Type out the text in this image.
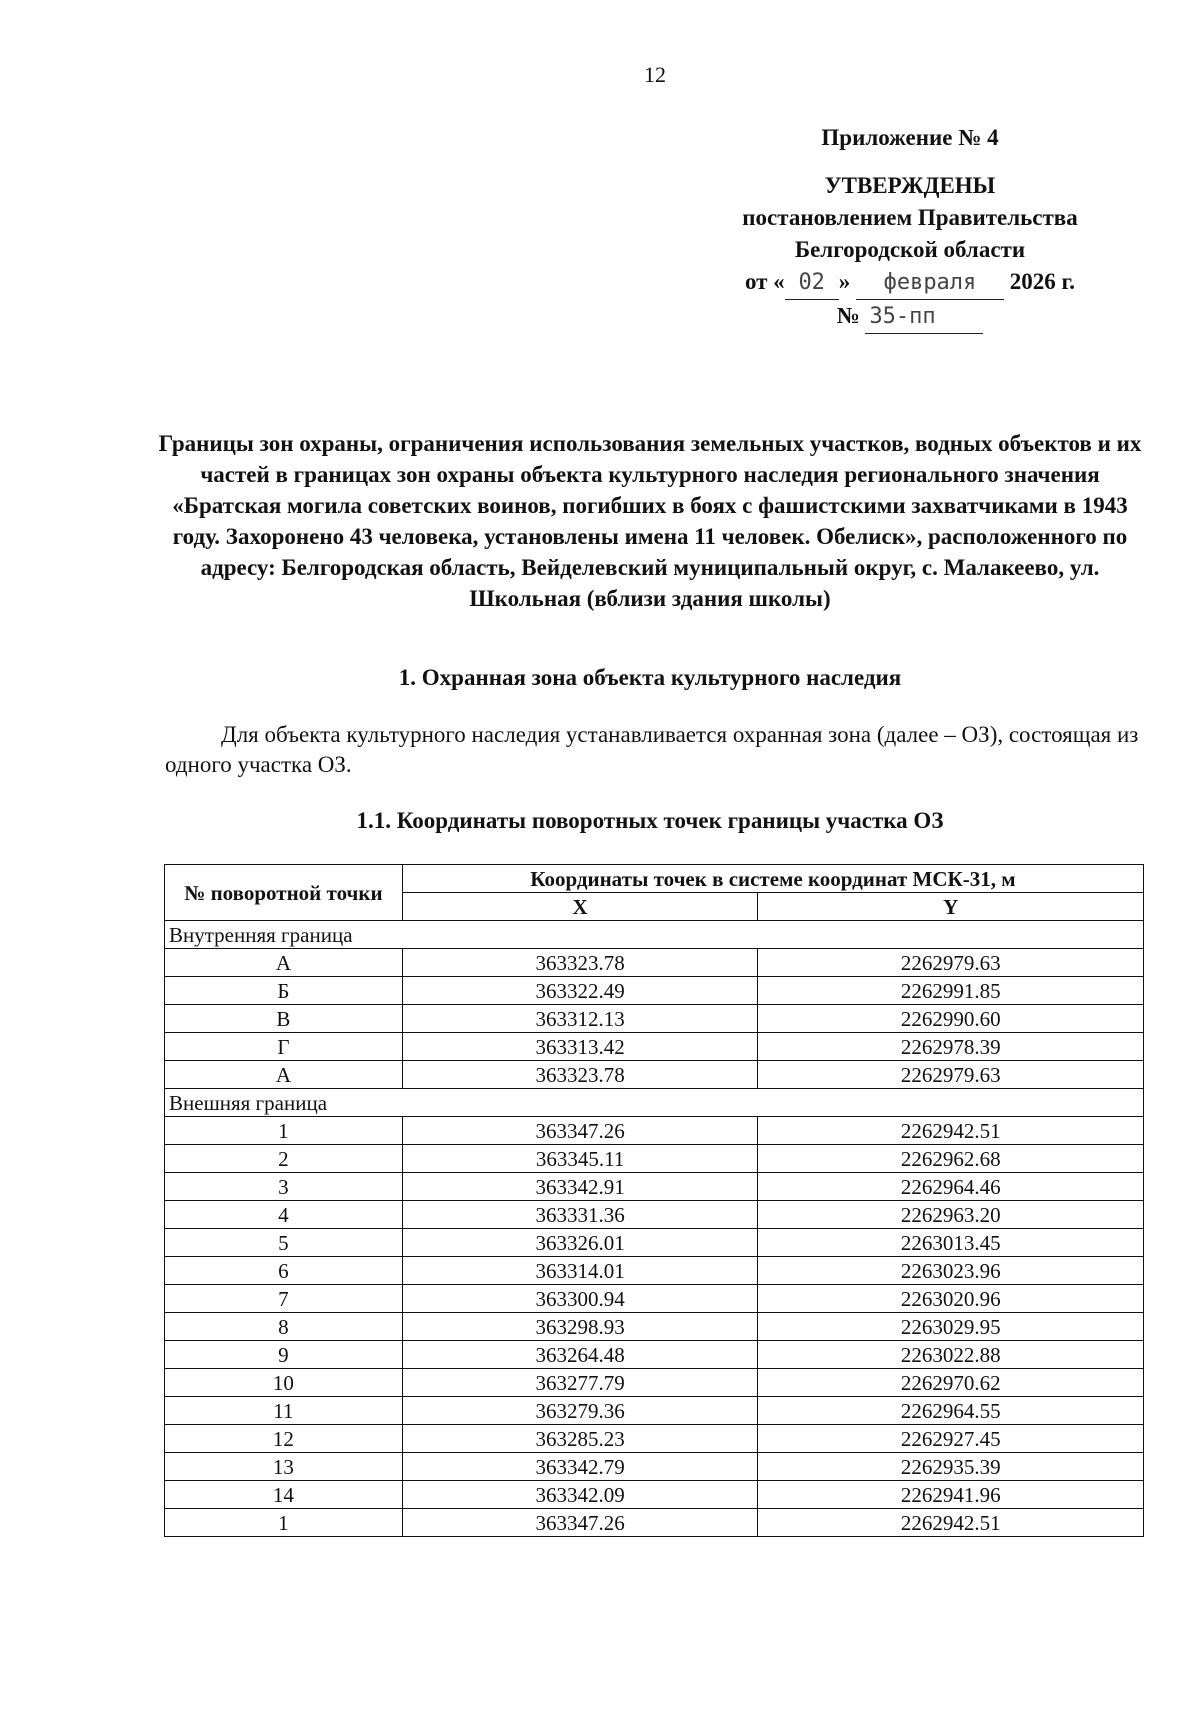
12
Приложение № 4
УТВЕРЖДЕНЫ
постановлением Правительства
Белгородской области
от « 02 » февраля 2026 г.
№ 35-пп
Границы зон охраны, ограничения использования земельных участков, водных объектов и их частей в границах зон охраны объекта культурного наследия регионального значения «Братская могила советских воинов, погибших в боях с фашистскими захватчиками в 1943 году. Захоронено 43 человека, установлены имена 11 человек. Обелиск», расположенного по адресу: Белгородская область, Вейделевский муниципальный округ, с. Малакеево, ул. Школьная (вблизи здания школы)
1. Охранная зона объекта культурного наследия
Для объекта культурного наследия устанавливается охранная зона (далее – ОЗ), состоящая из одного участка ОЗ.
1.1. Координаты поворотных точек границы участка ОЗ
№ поворотной точки	Координаты точек в системе координат МСК-31, м	
	X	Y
Внутренняя граница		
А	363323.78	2262979.63
Б	363322.49	2262991.85
В	363312.13	2262990.60
Г	363313.42	2262978.39
А	363323.78	2262979.63
Внешняя граница		
1	363347.26	2262942.51
2	363345.11	2262962.68
3	363342.91	2262964.46
4	363331.36	2262963.20
5	363326.01	2263013.45
6	363314.01	2263023.96
7	363300.94	2263020.96
8	363298.93	2263029.95
9	363264.48	2263022.88
10	363277.79	2262970.62
11	363279.36	2262964.55
12	363285.23	2262927.45
13	363342.79	2262935.39
14	363342.09	2262941.96
1	363347.26	2262942.51
